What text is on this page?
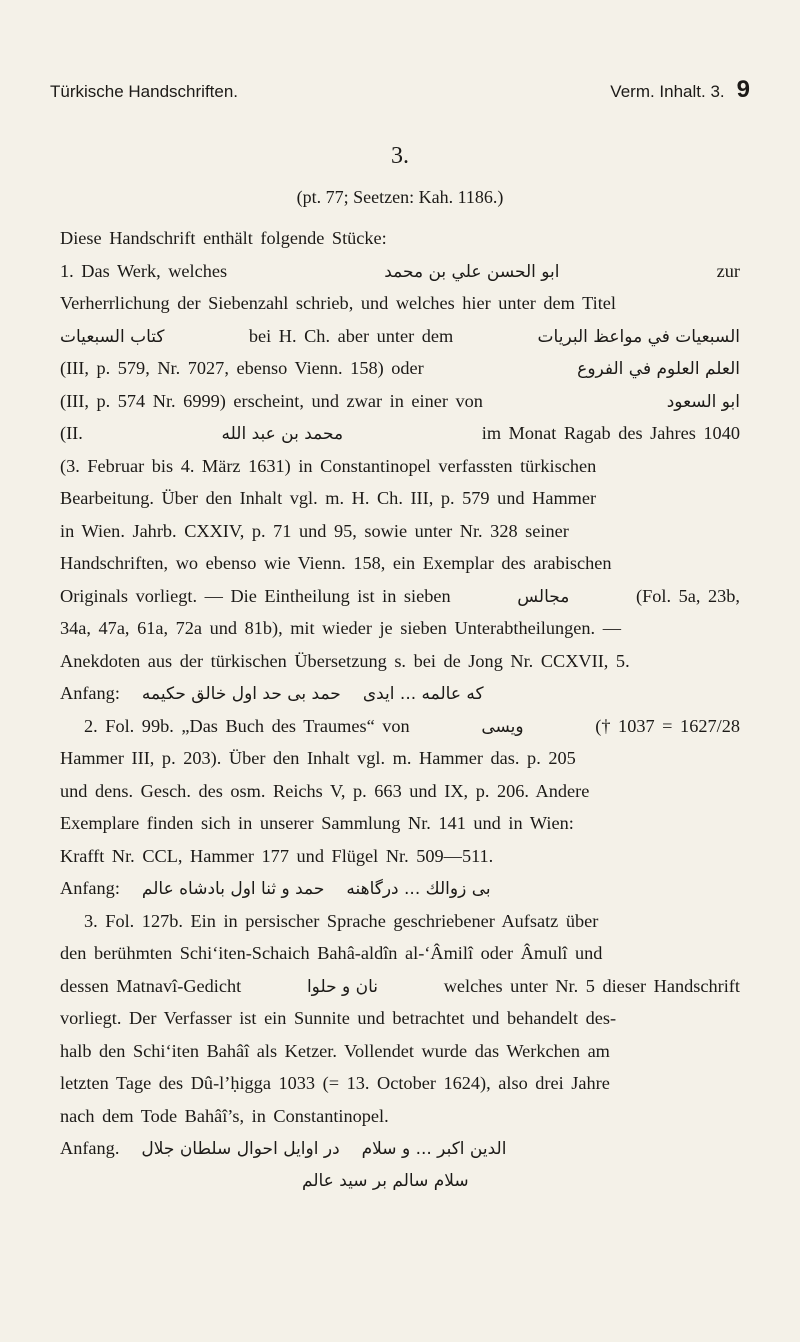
Türkische Handschriften.	Verm. Inhalt. 3. 9
3.
(pt. 77; Seetzen: Kah. 1186.)
Diese Handschrift enthält folgende Stücke:
1. Das Werk, welches	ابو الحسن علي بن محمد	zur
Verherrlichung der Siebenzahl schrieb, und welches hier unter dem Titel
كتاب السبعيات	bei H. Ch. aber unter dem	السبعيات في مواعظ البريات
(III, p. 579, Nr. 7027, ebenso Vienn. 158) oder	العلم العلوم في الفروع
(III, p. 574 Nr. 6999) erscheint, und zwar in einer von	ابو السعود
(II.	محمد بن عبد الله	im Monat Ragab des Jahres 1040
(3. Februar bis 4. März 1631) in Constantinopel verfassten türkischen
Bearbeitung. Über den Inhalt vgl. m. H. Ch. III, p. 579 und Hammer
in Wien. Jahrb. CXXIV, p. 71 und 95, sowie unter Nr. 328 seiner
Handschriften, wo ebenso wie Vienn. 158, ein Exemplar des arabischen
Originals vorliegt. — Die Eintheilung ist in sieben	مجالس	(Fol. 5a, 23b,
34a, 47a, 61a, 72a und 81b), mit wieder je sieben Unterabtheilungen. —
Anekdoten aus der türkischen Übersetzung s. bei de Jong Nr. CCXVII, 5.
Anfang: حمد بى حد اول خالق حكيمه كه عالمه ... ايدى
2. Fol. 99b. „Das Buch des Traumes“ von	ويسى	(† 1037 = 1627/28
Hammer III, p. 203). Über den Inhalt vgl. m. Hammer das. p. 205
und dens. Gesch. des osm. Reichs V, p. 663 und IX, p. 206. Andere
Exemplare finden sich in unserer Sammlung Nr. 141 und in Wien:
Krafft Nr. CCL, Hammer 177 und Flügel Nr. 509—511.
Anfang: حمد و ثنا اول بادشاه عالم بى زوالك ... درگاهنه
3. Fol. 127b. Ein in persischer Sprache geschriebener Aufsatz über
den berühmten Schi‘iten-Schaich Bahâ-aldîn al-‘Âmilî oder Âmulî und
dessen Matnavî-Gedicht	نان و حلوا	welches unter Nr. 5 dieser Handschrift
vorliegt. Der Verfasser ist ein Sunnite und betrachtet und behandelt des-
halb den Schi‘iten Bahâî als Ketzer. Vollendet wurde das Werkchen am
letzten Tage des Dû-l’ḥigga 1033 (= 13. October 1624), also drei Jahre
nach dem Tode Bahâî’s, in Constantinopel.
Anfang. در اوايل احوال سلطان جلال الدين اكبر ... و سلام
سلام سالم بر سيد عالم
